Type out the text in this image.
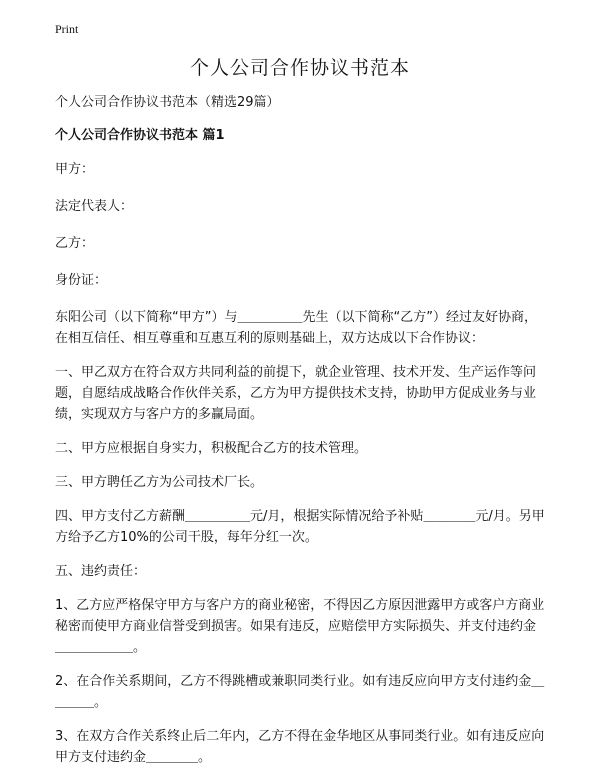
Print
个人公司合作协议书范本

个人公司合作协议书范本（精选29篇）

个人公司合作协议书范本 篇1

甲方：

法定代表人：

乙方：

身份证：

东阳公司（以下简称“甲方”）与＿＿＿＿＿先生（以下简称“乙方”）经过友好协商，在相互信任、相互尊重和互惠互利的原则基础上，双方达成以下合作协议：

一、甲乙双方在符合双方共同利益的前提下，就企业管理、技术开发、生产运作等问题，自愿结成战略合作伙伴关系，乙方为甲方提供技术支持，协助甲方促成业务与业绩，实现双方与客户方的多赢局面。

二、甲方应根据自身实力，积极配合乙方的技术管理。

三、甲方聘任乙方为公司技术厂长。

四、甲方支付乙方薪酬＿＿＿＿＿元/月，根据实际情况给予补贴＿＿＿＿元/月。另甲方给予乙方10%的公司干股，每年分红一次。

五、违约责任：

1、乙方应严格保守甲方与客户方的商业秘密，不得因乙方原因泄露甲方或客户方商业秘密而使甲方商业信誉受到损害。如果有违反，应赔偿甲方实际损失、并支付违约金＿＿＿＿＿＿。

2、在合作关系期间，乙方不得跳槽或兼职同类行业。如有违反应向甲方支付违约金＿＿＿＿。

3、在双方合作关系终止后二年内，乙方不得在金华地区从事同类行业。如有违反应向甲方支付违约金＿＿＿＿。
